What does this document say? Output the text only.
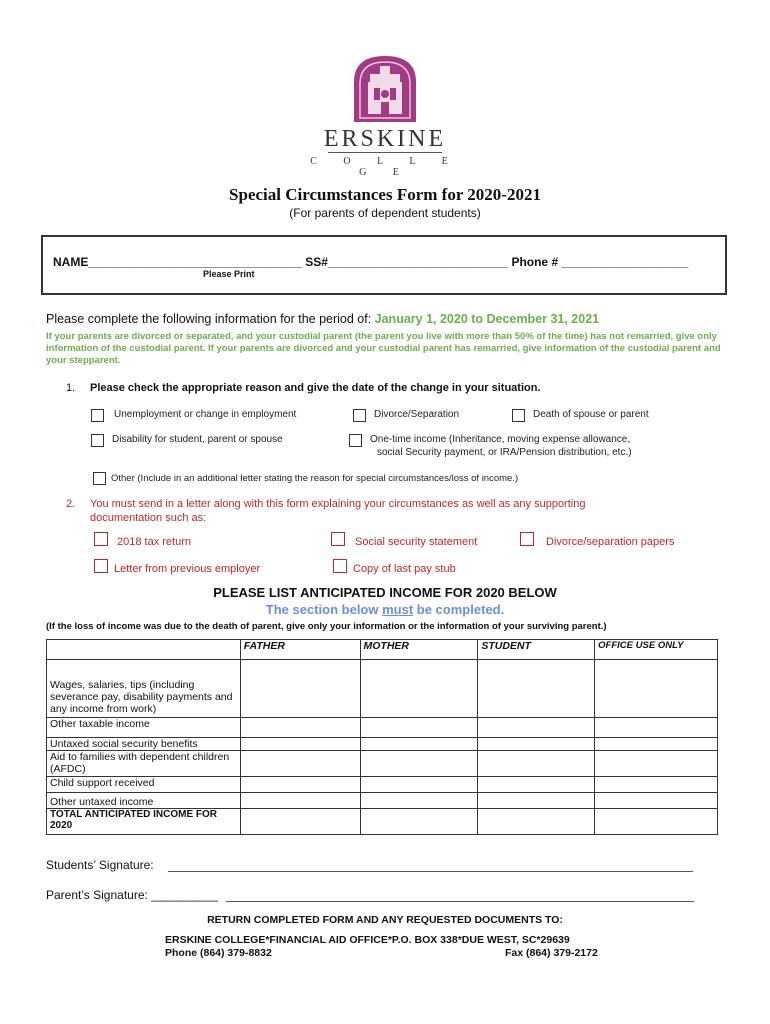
ERSKINE
C O L L E G E
Special Circumstances Form for 2020-2021
(For parents of dependent students)
NAME________________________________ SS#___________________________ Phone # ___________________
Please Print
Please complete the following information for the period of: January 1, 2020 to December 31, 2021
If your parents are divorced or separated, and your custodial parent (the parent you live with more than 50% of the time) has not remarried, give only information of the custodial parent. If your parents are divorced and your custodial parent has remarried, give information of the custodial parent and your stepparent.
1. Please check the appropriate reason and give the date of the change in your situation.
Unemployment or change in employment	Divorce/Separation	Death of spouse or parent
Disability for student, parent or spouse	One-time income (Inheritance, moving expense allowance,
social Security payment, or IRA/Pension distribution, etc.)
Other (Include in an additional letter stating the reason for special circumstances/loss of income.)
2. You must send in a letter along with this form explaining your circumstances as well as any supporting
documentation such as:
2018 tax return	Social security statement	Divorce/separation papers
Letter from previous employer	Copy of last pay stub
PLEASE LIST ANTICIPATED INCOME FOR 2020 BELOW
The section below must be completed.
(If the loss of income was due to the death of parent, give only your information or the information of your surviving parent.)
	FATHER	MOTHER	STUDENT	OFFICE USE ONLY
Wages, salaries, tips (including severance pay, disability payments and any income from work)				
Other taxable income				
Untaxed social security benefits				
Aid to families with dependent children (AFDC)				
Child support received				
Other untaxed income				
TOTAL ANTICIPATED INCOME FOR 2020				
Students’ Signature:
Parent’s Signature: __________
RETURN COMPLETED FORM AND ANY REQUESTED DOCUMENTS TO:
ERSKINE COLLEGE*FINANCIAL AID OFFICE*P.O. BOX 338*DUE WEST, SC*29639
Phone (864) 379-8832	Fax (864) 379-2172
